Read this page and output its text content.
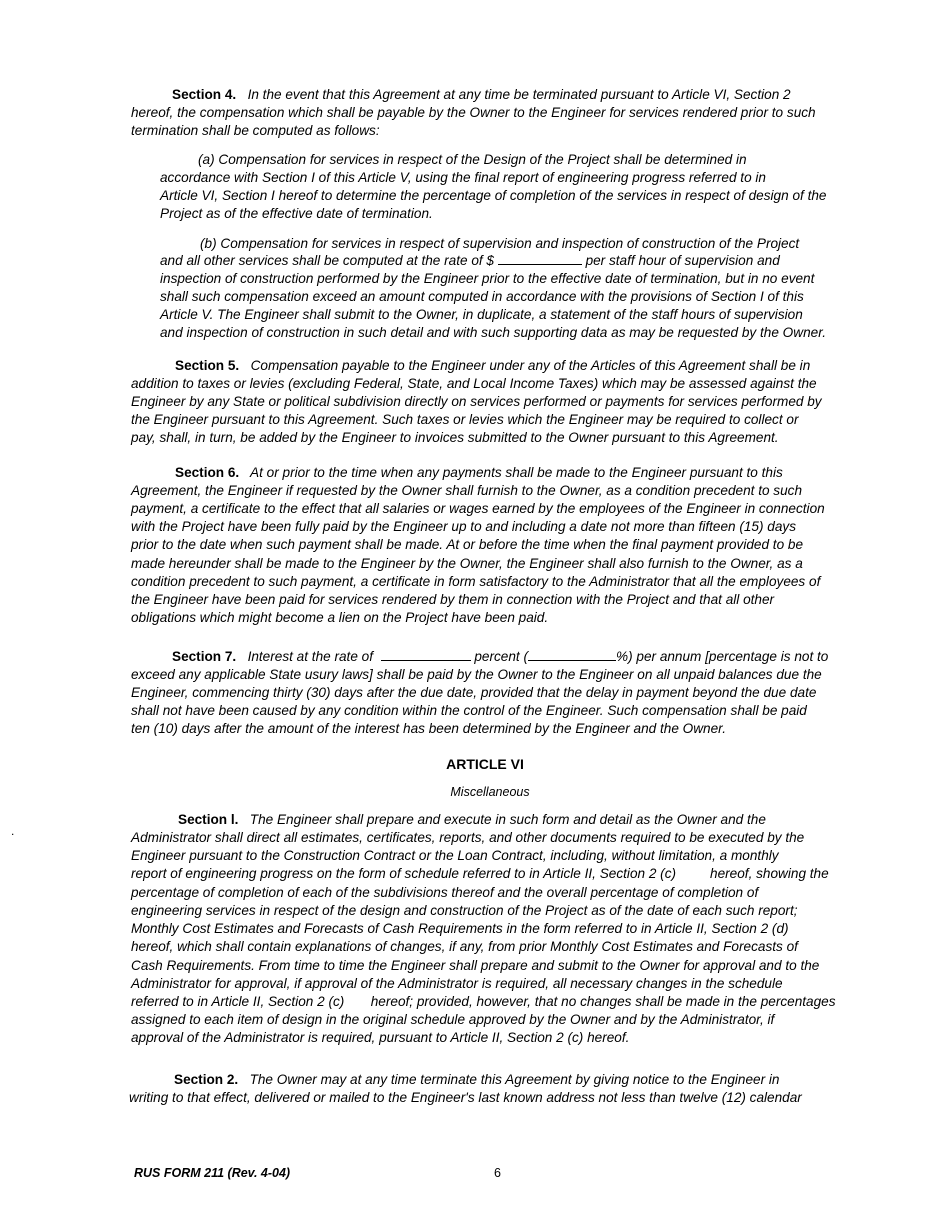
Section 4. In the event that this Agreement at any time be terminated pursuant to Article VI, Section 2
hereof, the compensation which shall be payable by the Owner to the Engineer for services rendered prior to such
termination shall be computed as follows:
(a) Compensation for services in respect of the Design of the Project shall be determined in
accordance with Section I of this Article V, using the final report of engineering progress referred to in
Article VI, Section I hereof to determine the percentage of completion of the services in respect of design of the
Project as of the effective date of termination.
(b) Compensation for services in respect of supervision and inspection of construction of the Project
and all other services shall be computed at the rate of $	per staff hour of supervision and
inspection of construction performed by the Engineer prior to the effective date of termination, but in no event
shall such compensation exceed an amount computed in accordance with the provisions of Section I of this
Article V. The Engineer shall submit to the Owner, in duplicate, a statement of the staff hours of supervision
and inspection of construction in such detail and with such supporting data as may be requested by the Owner.
Section 5. Compensation payable to the Engineer under any of the Articles of this Agreement shall be in
addition to taxes or levies (excluding Federal, State, and Local Income Taxes) which may be assessed against the
Engineer by any State or political subdivision directly on services performed or payments for services performed by
the Engineer pursuant to this Agreement. Such taxes or levies which the Engineer may be required to collect or
pay, shall, in turn, be added by the Engineer to invoices submitted to the Owner pursuant to this Agreement.
Section 6. At or prior to the time when any payments shall be made to the Engineer pursuant to this
Agreement, the Engineer if requested by the Owner shall furnish to the Owner, as a condition precedent to such
payment, a certificate to the effect that all salaries or wages earned by the employees of the Engineer in connection
with the Project have been fully paid by the Engineer up to and including a date not more than fifteen (15) days
prior to the date when such payment shall be made. At or before the time when the final payment provided to be
made hereunder shall be made to the Engineer by the Owner, the Engineer shall also furnish to the Owner, as a
condition precedent to such payment, a certificate in form satisfactory to the Administrator that all the employees of
the Engineer have been paid for services rendered by them in connection with the Project and that all other
obligations which might become a lien on the Project have been paid.
Section 7. Interest at the rate of	percent (	%) per annum [percentage is not to
exceed any applicable State usury laws] shall be paid by the Owner to the Engineer on all unpaid balances due the
Engineer, commencing thirty (30) days after the due date, provided that the delay in payment beyond the due date
shall not have been caused by any condition within the control of the Engineer. Such compensation shall be paid
ten (10) days after the amount of the interest has been determined by the Engineer and the Owner.
ARTICLE VI
Miscellaneous
.
Section l. The Engineer shall prepare and execute in such form and detail as the Owner and the
Administrator shall direct all estimates, certificates, reports, and other documents required to be executed by the
Engineer pursuant to the Construction Contract or the Loan Contract, including, without limitation, a monthly
report of engineering progress on the form of schedule referred to in Article II, Section 2 (c)	hereof, showing the
percentage of completion of each of the subdivisions thereof and the overall percentage of completion of
engineering services in respect of the design and construction of the Project as of the date of each such report;
Monthly Cost Estimates and Forecasts of Cash Requirements in the form referred to in Article II, Section 2 (d)
hereof, which shall contain explanations of changes, if any, from prior Monthly Cost Estimates and Forecasts of
Cash Requirements. From time to time the Engineer shall prepare and submit to the Owner for approval and to the
Administrator for approval, if approval of the Administrator is required, all necessary changes in the schedule
referred to in Article II, Section 2 (c) hereof; provided, however, that no changes shall be made in the percentages
assigned to each item of design in the original schedule approved by the Owner and by the Administrator, if
approval of the Administrator is required, pursuant to Article II, Section 2 (c) hereof.
Section 2. The Owner may at any time terminate this Agreement by giving notice to the Engineer in
writing to that effect, delivered or mailed to the Engineer's last known address not less than twelve (12) calendar
RUS FORM 211 (Rev. 4-04)	6
